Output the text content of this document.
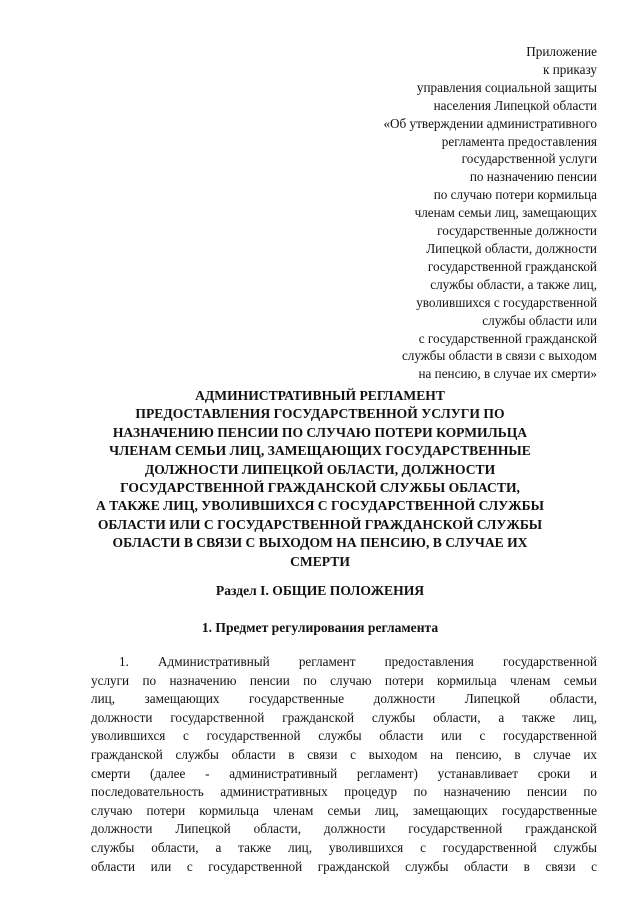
Приложение
к приказу
управления социальной защиты
населения Липецкой области
«Об утверждении административного
регламента предоставления
государственной услуги
по назначению пенсии
по случаю потери кормильца
членам семьи лиц, замещающих
государственные должности
Липецкой области, должности
государственной гражданской
службы области, а также лиц,
уволившихся с государственной
службы области или
с государственной гражданской
службы области в связи с выходом
на пенсию, в случае их смерти»
АДМИНИСТРАТИВНЫЙ РЕГЛАМЕНТ
ПРЕДОСТАВЛЕНИЯ ГОСУДАРСТВЕННОЙ УСЛУГИ ПО
НАЗНАЧЕНИЮ ПЕНСИИ ПО СЛУЧАЮ ПОТЕРИ КОРМИЛЬЦА
ЧЛЕНАМ СЕМЬИ ЛИЦ, ЗАМЕЩАЮЩИХ ГОСУДАРСТВЕННЫЕ
ДОЛЖНОСТИ ЛИПЕЦКОЙ ОБЛАСТИ, ДОЛЖНОСТИ
ГОСУДАРСТВЕННОЙ ГРАЖДАНСКОЙ СЛУЖБЫ ОБЛАСТИ,
А ТАКЖЕ ЛИЦ, УВОЛИВШИХСЯ С ГОСУДАРСТВЕННОЙ СЛУЖБЫ
ОБЛАСТИ ИЛИ С ГОСУДАРСТВЕННОЙ ГРАЖДАНСКОЙ СЛУЖБЫ
ОБЛАСТИ В СВЯЗИ С ВЫХОДОМ НА ПЕНСИЮ, В СЛУЧАЕ ИХ
СМЕРТИ
Раздел I. ОБЩИЕ ПОЛОЖЕНИЯ
1. Предмет регулирования регламента
1. Административный регламент предоставления государственной
услуги по назначению пенсии по случаю потери кормильца членам семьи
лиц, замещающих государственные должности Липецкой области,
должности государственной гражданской службы области, а также лиц,
уволившихся с государственной службы области или с государственной
гражданской службы области в связи с выходом на пенсию, в случае их
смерти (далее - административный регламент) устанавливает сроки и
последовательность административных процедур по назначению пенсии по
случаю потери кормильца членам семьи лиц, замещающих государственные
должности Липецкой области, должности государственной гражданской
службы области, а также лиц, уволившихся с государственной службы
области или с государственной гражданской службы области в связи с
